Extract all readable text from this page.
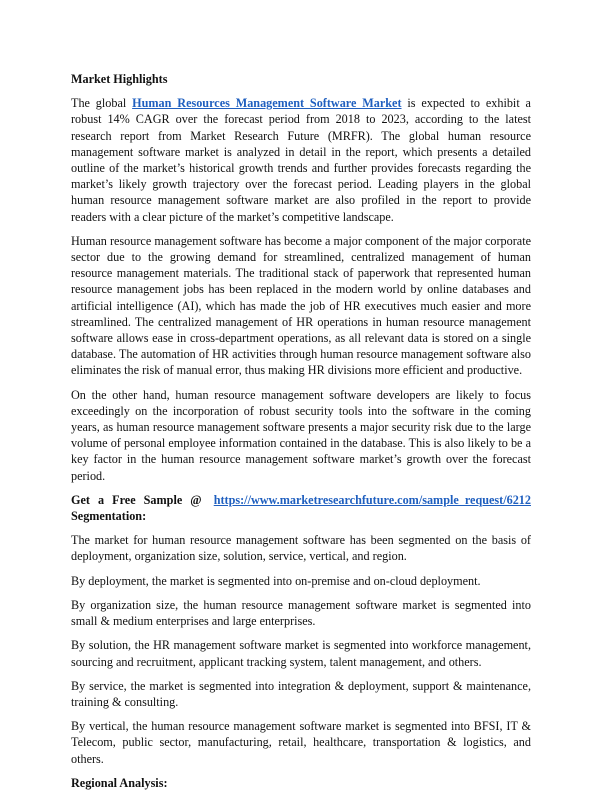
Market Highlights

The global Human Resources Management Software Market is expected to exhibit a robust 14% CAGR over the forecast period from 2018 to 2023, according to the latest research report from Market Research Future (MRFR). The global human resource management software market is analyzed in detail in the report, which presents a detailed outline of the market’s historical growth trends and further provides forecasts regarding the market’s likely growth trajectory over the forecast period. Leading players in the global human resource management software market are also profiled in the report to provide readers with a clear picture of the market’s competitive landscape.

Human resource management software has become a major component of the major corporate sector due to the growing demand for streamlined, centralized management of human resource management materials. The traditional stack of paperwork that represented human resource management jobs has been replaced in the modern world by online databases and artificial intelligence (AI), which has made the job of HR executives much easier and more streamlined. The centralized management of HR operations in human resource management software allows ease in cross-department operations, as all relevant data is stored on a single database. The automation of HR activities through human resource management software also eliminates the risk of manual error, thus making HR divisions more efficient and productive.

On the other hand, human resource management software developers are likely to focus exceedingly on the incorporation of robust security tools into the software in the coming years, as human resource management software presents a major security risk due to the large volume of personal employee information contained in the database. This is also likely to be a key factor in the human resource management software market’s growth over the forecast period.

Get a Free Sample @ https://www.marketresearchfuture.com/sample_request/6212
Segmentation:

The market for human resource management software has been segmented on the basis of deployment, organization size, solution, service, vertical, and region.

By deployment, the market is segmented into on-premise and on-cloud deployment.

By organization size, the human resource management software market is segmented into small & medium enterprises and large enterprises.

By solution, the HR management software market is segmented into workforce management, sourcing and recruitment, applicant tracking system, talent management, and others.

By service, the market is segmented into integration & deployment, support & maintenance, training & consulting.

By vertical, the human resource management software market is segmented into BFSI, IT & Telecom, public sector, manufacturing, retail, healthcare, transportation & logistics, and others.

Regional Analysis:
